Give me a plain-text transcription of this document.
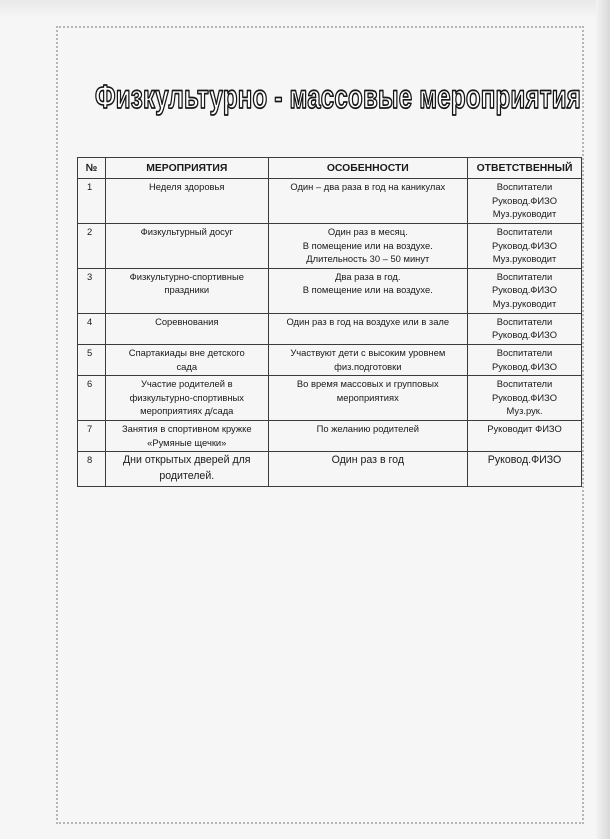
Физкультурно - массовые мероприятия
№	МЕРОПРИЯТИЯ	ОСОБЕННОСТИ	ОТВЕТСТВЕННЫЙ
1	Неделя здоровья	Один – два раза в год на каникулах	Воспитатели
Руковод.ФИЗО
Муз.руководит

2	Физкультурный досуг	Один раз в месяц.
В помещение или на воздухе.
Длительность 30 – 50 минут	Воспитатели
Руковод.ФИЗО
Муз.руководит

3	Физкультурно-спортивные
праздники	Два раза в год.
В помещение или на воздухе.	Воспитатели
Руковод.ФИЗО
Муз.руководит

4	Соревнования	Один раз в год на воздухе или в зале	Воспитатели
Руковод.ФИЗО

5	Спартакиады вне детского
сада	Участвуют дети с высоким уровнем
физ.подготовки	Воспитатели
Руковод.ФИЗО

6	Участие родителей в
физкультурно-спортивных
мероприятиях д/сада	Во время массовых и групповых
мероприятиях	Воспитатели
Руковод.ФИЗО
Муз.рук.

7	Занятия в спортивном кружке
«Румяные щечки»	По желанию родителей	Руководит ФИЗО

8	Дни открытых дверей для
родителей.	Один раз в год	Руковод.ФИЗО
